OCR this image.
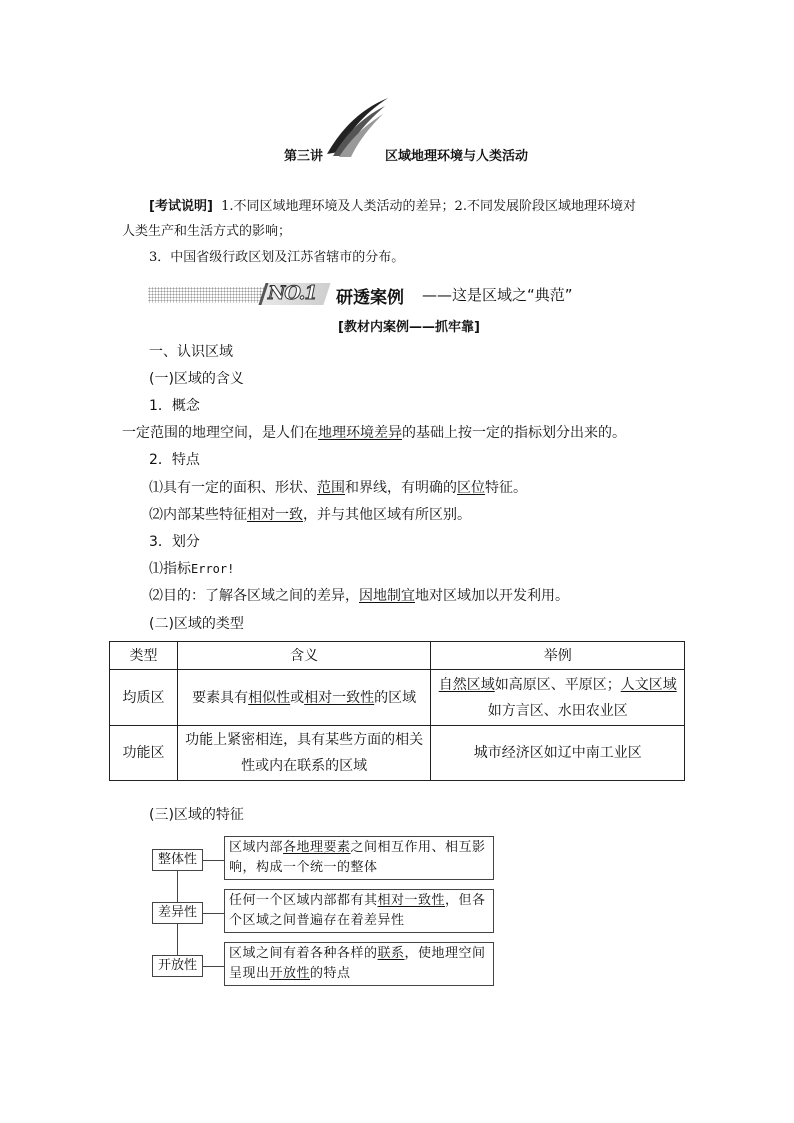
第三讲	区域地理环境与人类活动
[考试说明] 1.不同区域地理环境及人类活动的差异；2.不同发展阶段区域地理环境对
人类生产和生活方式的影响；
3．中国省级行政区划及江苏省辖市的分布。
NO.1 研透案例 ——这是区域之“典范”
[教材内案例——抓牢靠]
一、认识区域
(一)区域的含义
1．概念
一定范围的地理空间，是人们在地理环境差异的基础上按一定的指标划分出来的。
2．特点
⑴具有一定的面积、形状、范围和界线，有明确的区位特征。
⑵内部某些特征相对一致，并与其他区域有所区别。
3．划分
⑴指标Error!
⑵目的：了解各区域之间的差异，因地制宜地对区域加以开发利用。
(二)区域的类型
类型	含义	举例
均质区	要素具有相似性或相对一致性的区域	自然区域如高原区、平原区；人文区域
如方言区、水田农业区
功能区	功能上紧密相连，具有某些方面的相关
性或内在联系的区域	城市经济区如辽中南工业区
(三)区域的特征
整体性
差异性
开放性
区域内部各地理要素之间相互作用、相互影响，构成一个统一的整体
任何一个区域内部都有其相对一致性，但各个区域之间普遍存在着差异性
区域之间有着各种各样的联系，使地理空间呈现出开放性的特点
